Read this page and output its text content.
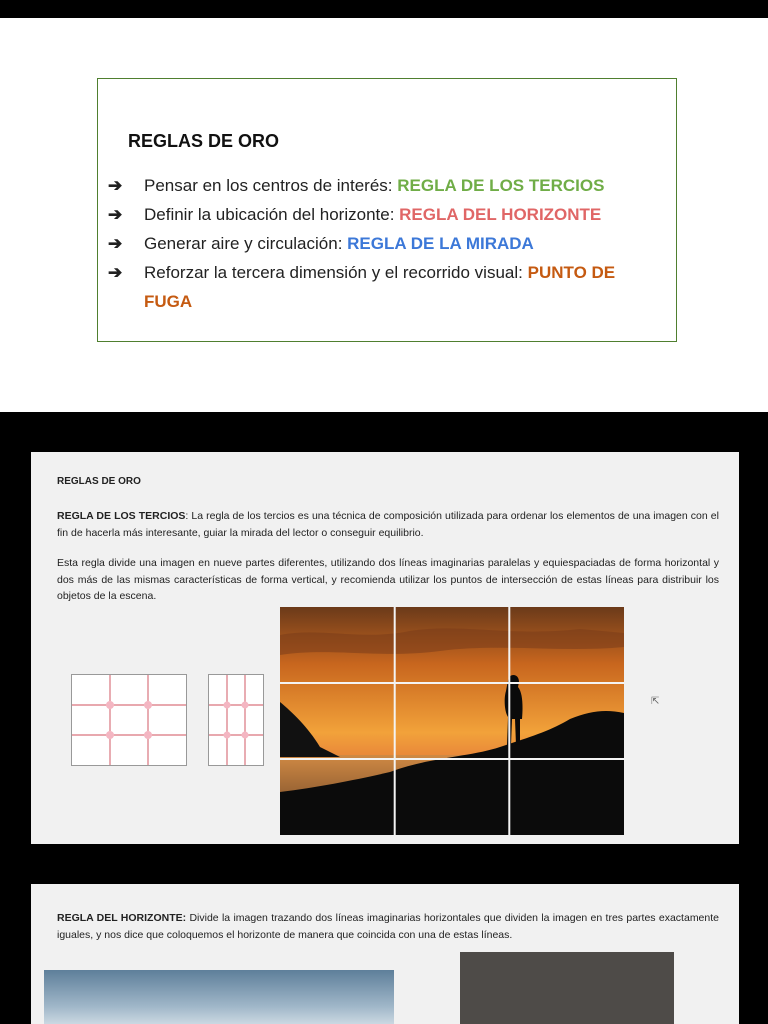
REGLAS DE ORO
➔	Pensar en los centros de interés: REGLA DE LOS TERCIOS
➔	Definir la ubicación del horizonte: REGLA DEL HORIZONTE
➔	Generar aire y circulación: REGLA DE LA MIRADA
➔	Reforzar la tercera dimensión y el recorrido visual: PUNTO DE FUGA
REGLAS DE ORO

REGLA DE LOS TERCIOS: La regla de los tercios es una técnica de composición utilizada para ordenar los elementos de una imagen con el fin de hacerla más interesante, guiar la mirada del lector o conseguir equilibrio.

Esta regla divide una imagen en nueve partes diferentes, utilizando dos líneas imaginarias paralelas y equiespaciadas de forma horizontal y dos más de las mismas características de forma vertical, y recomienda utilizar los puntos de intersección de estas líneas para distribuir los objetos de la escena.

⇱

REGLA DEL HORIZONTE: Divide la imagen trazando dos líneas imaginarias horizontales que dividen la imagen en tres partes exactamente iguales, y nos dice que coloquemos el horizonte de manera que coincida con una de estas líneas.
